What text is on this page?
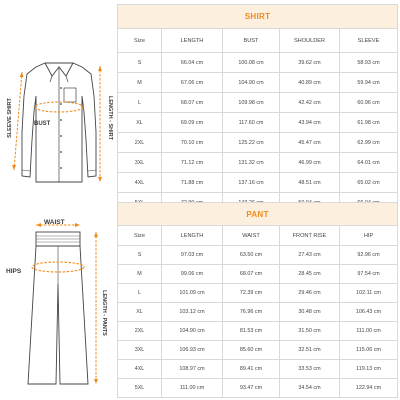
BUST
SLEEVE SHIRT	LENGTH - SHIRT
WAIST
HIPS
LENGTH - PANTS
SHIRT				
Size	LENGTH	BUST	SHOULDER	SLEEVE
S	66.04 cm	100.08 cm	39.62 cm	58.93 cm
M	67.06 cm	104.90 cm	40.89 cm	59.94 cm
L	68.07 cm	109.98 cm	42.42 cm	60.96 cm
XL	69.09 cm	117.60 cm	43.94 cm	61.98 cm
2XL	70.10 cm	125.22 cm	45.47 cm	62.99 cm
3XL	71.12 cm	131.32 cm	46.99 cm	64.01 cm
4XL	71.88 cm	137.16 cm	48.51 cm	65.02 cm

PANT				
Size	LENGTH	WAIST	FRONT RISE	HIP
S	97.03 cm	63.50 cm	27.43 cm	92.96 cm
M	99.06 cm	68.07 cm	28.45 cm	97.54 cm
L	101.09 cm	72.39 cm	29.46 cm	102.11 cm
XL	103.12 cm	76.96 cm	30.48 cm	106.43 cm
2XL	104.90 cm	81.53 cm	31.50 cm	111.00 cm
3XL	106.93 cm	85.60 cm	32.51 cm	115.06 cm
4XL	108.97 cm	89.41 cm	33.53 cm	119.13 cm
5XL	111.00 cm	93.47 cm	34.54 cm	122.94 cm
